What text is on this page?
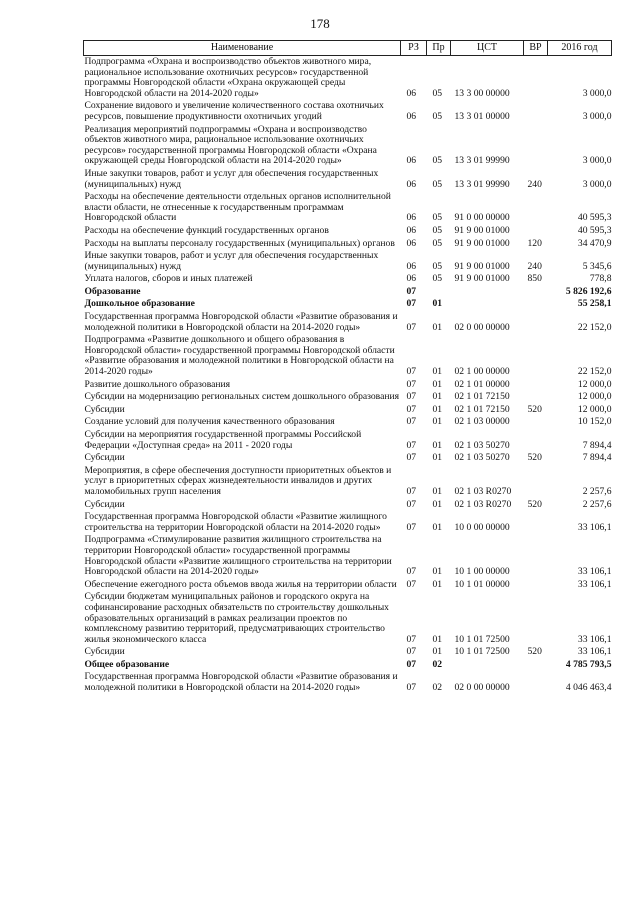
178
Наименование	РЗ	Пр	ЦСТ	ВР	2016 год
Подпрограмма «Охрана и воспроизводство объектов животного мира, рациональное использование охотничьих ресурсов» государственной программы Новгородской области «Охрана окружающей среды Новгородской области на 2014-2020 годы»	06	05	13 3 00 00000		3 000,0
Сохранение видового и увеличение количественного состава охотничьих ресурсов, повышение продуктивности охотничьих угодий	06	05	13 3 01 00000		3 000,0
Реализация мероприятий подпрограммы «Охрана и воспроизводство объектов животного мира, рациональное использование охотничьих ресурсов» государственной программы Новгородской области «Охрана окружающей среды Новгородской области на 2014-2020 годы»	06	05	13 3 01 99990		3 000,0
Иные закупки товаров, работ и услуг для обеспечения государственных (муниципальных) нужд	06	05	13 3 01 99990	240	3 000,0
Расходы на обеспечение деятельности отдельных органов исполнительной власти области, не отнесенные к государственным программам Новгородской области	06	05	91 0 00 00000		40 595,3
Расходы на обеспечение функций государственных органов	06	05	91 9 00 01000		40 595,3
Расходы на выплаты персоналу государственных (муниципальных) органов	06	05	91 9 00 01000	120	34 470,9
Иные закупки товаров, работ и услуг для обеспечения государственных (муниципальных) нужд	06	05	91 9 00 01000	240	5 345,6
Уплата налогов, сборов и иных платежей	06	05	91 9 00 01000	850	778,8
Образование	07				5 826 192,6
Дошкольное образование	07	01			55 258,1
Государственная программа Новгородской области «Развитие образования и молодежной политики в Новгородской области на 2014-2020 годы»	07	01	02 0 00 00000		22 152,0
Подпрограмма «Развитие дошкольного и общего образования в Новгородской области» государственной программы Новгородской области «Развитие образования и молодежной политики в Новгородской области на 2014-2020 годы»	07	01	02 1 00 00000		22 152,0
Развитие дошкольного образования	07	01	02 1 01 00000		12 000,0
Субсидии на модернизацию региональных систем дошкольного образования	07	01	02 1 01 72150		12 000,0
Субсидии	07	01	02 1 01 72150	520	12 000,0
Создание условий для получения качественного образования	07	01	02 1 03 00000		10 152,0
Субсидии на мероприятия государственной программы Российской Федерации «Доступная среда» на 2011 - 2020 годы	07	01	02 1 03 50270		7 894,4
Субсидии	07	01	02 1 03 50270	520	7 894,4
Мероприятия, в сфере обеспечения доступности приоритетных объектов и услуг в приоритетных сферах жизнедеятельности инвалидов и других маломобильных групп населения	07	01	02 1 03 R0270		2 257,6
Субсидии	07	01	02 1 03 R0270	520	2 257,6
Государственная программа Новгородской области «Развитие жилищного строительства на территории Новгородской области на 2014-2020 годы»	07	01	10 0 00 00000		33 106,1
Подпрограмма «Стимулирование развития жилищного строительства на территории Новгородской области» государственной программы Новгородской области «Развитие жилищного строительства на территории Новгородской области на 2014-2020 годы»	07	01	10 1 00 00000		33 106,1
Обеспечение ежегодного роста объемов ввода жилья на территории области	07	01	10 1 01 00000		33 106,1
Субсидии бюджетам муниципальных районов и городского округа на софинансирование расходных обязательств по строительству дошкольных образовательных организаций в рамках реализации проектов по комплексному развитию территорий, предусматривающих строительство жилья экономического класса	07	01	10 1 01 72500		33 106,1
Субсидии	07	01	10 1 01 72500	520	33 106,1
Общее образование	07	02			4 785 793,5
Государственная программа Новгородской области «Развитие образования и молодежной политики в Новгородской области на 2014-2020 годы»	07	02	02 0 00 00000		4 046 463,4
